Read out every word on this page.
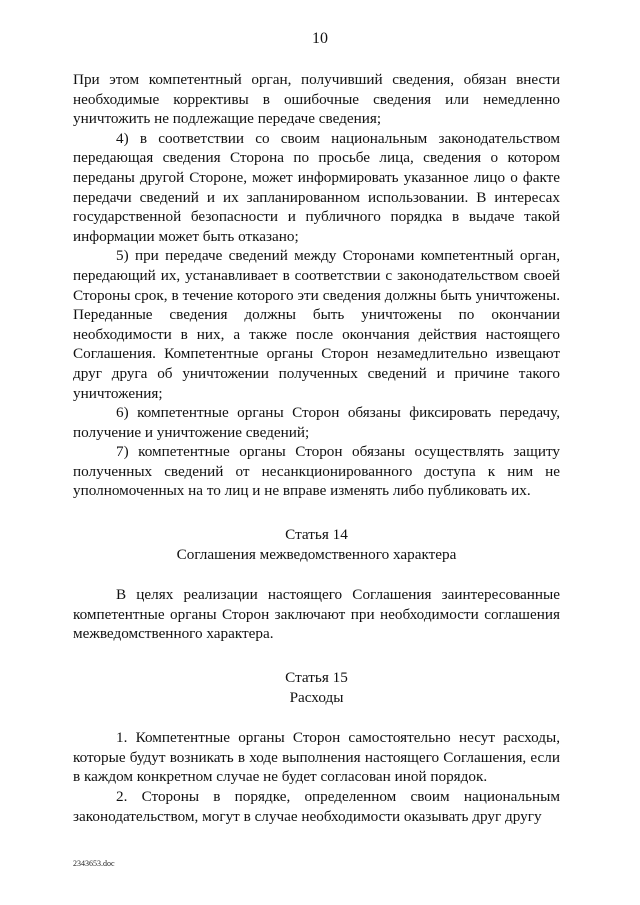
10

При этом компетентный орган, получивший сведения, обязан внести необходимые коррективы в ошибочные сведения или немедленно уничтожить не подлежащие передаче сведения;

4) в соответствии со своим национальным законодательством передающая сведения Сторона по просьбе лица, сведения о котором переданы другой Стороне, может информировать указанное лицо о факте передачи сведений и их запланированном использовании. В интересах государственной безопасности и публичного порядка в выдаче такой информации может быть отказано;

5) при передаче сведений между Сторонами компетентный орган, передающий их, устанавливает в соответствии с законодательством своей Стороны срок, в течение которого эти сведения должны быть уничтожены. Переданные сведения должны быть уничтожены по окончании необходимости в них, а также после окончания действия настоящего Соглашения. Компетентные органы Сторон незамедлительно извещают друг друга об уничтожении полученных сведений и причине такого уничтожения;

6) компетентные органы Сторон обязаны фиксировать передачу, получение и уничтожение сведений;

7) компетентные органы Сторон обязаны осуществлять защиту полученных сведений от несанкционированного доступа к ним не уполномоченных на то лиц и не вправе изменять либо публиковать их.

Статья 14

Соглашения межведомственного характера

В целях реализации настоящего Соглашения заинтересованные компетентные органы Сторон заключают при необходимости соглашения межведомственного характера.

Статья 15

Расходы

1. Компетентные органы Сторон самостоятельно несут расходы, которые будут возникать в ходе выполнения настоящего Соглашения, если в каждом конкретном случае не будет согласован иной порядок.

2. Стороны в порядке, определенном своим национальным законодательством, могут в случае необходимости оказывать друг другу

2343653.doc
